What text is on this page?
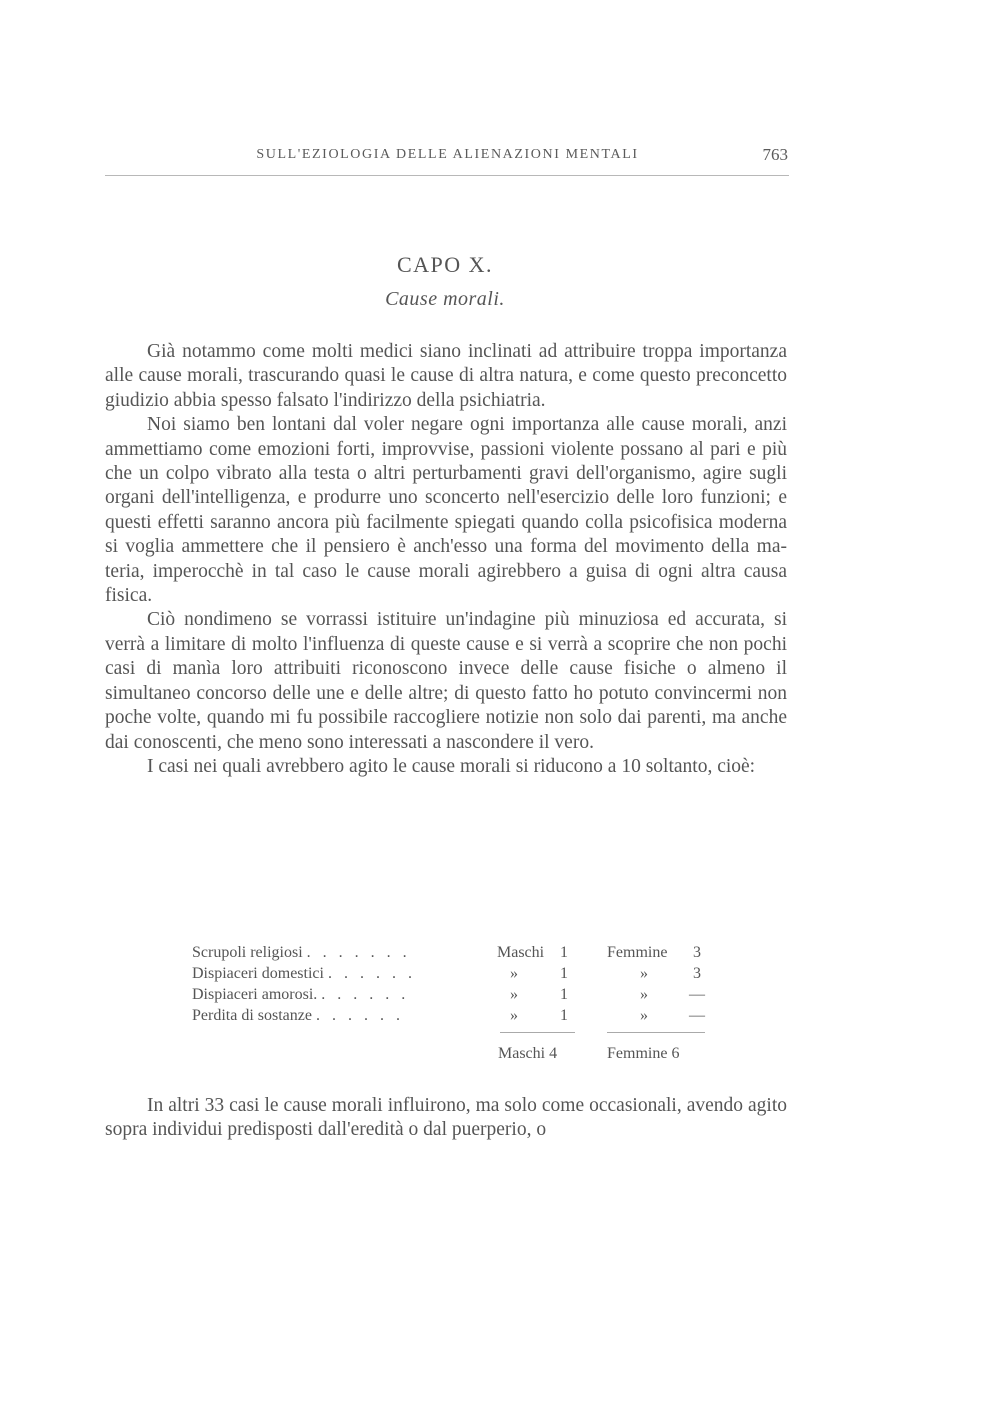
SULL'EZIOLOGIA DELLE ALIENAZIONI MENTALI	763
CAPO X.
Cause morali.

Già notammo come molti medici siano inclinati ad attribuire troppa importanza alle cause morali, trascurando quasi le cause di altra natura, e come questo preconcetto giudizio abbia spesso falsato l'indirizzo della psichiatria.

Noi siamo ben lontani dal voler negare ogni importanza alle cause morali, anzi ammettiamo come emozioni forti, improvvise, passioni violente possano al pari e più che un colpo vibrato alla testa o altri perturbamenti gravi dell'organismo, agire sugli organi dell'intelligenza, e produrre uno sconcerto nell'esercizio delle loro funzioni; e questi effetti saranno ancora più facilmente spiegati quando colla psicofisica moderna si voglia ammettere che il pensiero è anch'esso una forma del movimento della materia, imperocchè in tal caso le cause morali agirebbero a guisa di ogni altra causa fisica.

Ciò nondimeno se vorrassi istituire un'indagine più minuziosa ed accurata, si verrà a limitare di molto l'influenza di queste cause e si verrà a scoprire che non pochi casi di manìa loro attribuiti riconoscono invece delle cause fisiche o almeno il simultaneo concorso delle une e delle altre; di questo fatto ho potuto convincermi non poche volte, quando mi fu possibile raccogliere notizie non solo dai parenti, ma anche dai conoscenti, che meno sono interessati a nascondere il vero.

I casi nei quali avrebbero agito le cause morali si riducono a 10 soltanto, cioè:

Scrupoli religiosi . . . . . . .	Maschi 1	Femmine	3
Dispiaceri domestici . . . . . .	»	1	»	3
Dispiaceri amorosi. . . . . . .	»	1	»	—
Perdita di sostanze . . . . . .	»	1	»	—
Maschi 4	Femmine 6

In altri 33 casi le cause morali influirono, ma solo come occasionali, avendo agito sopra individui predisposti dall'eredità o dal puerperio, o
